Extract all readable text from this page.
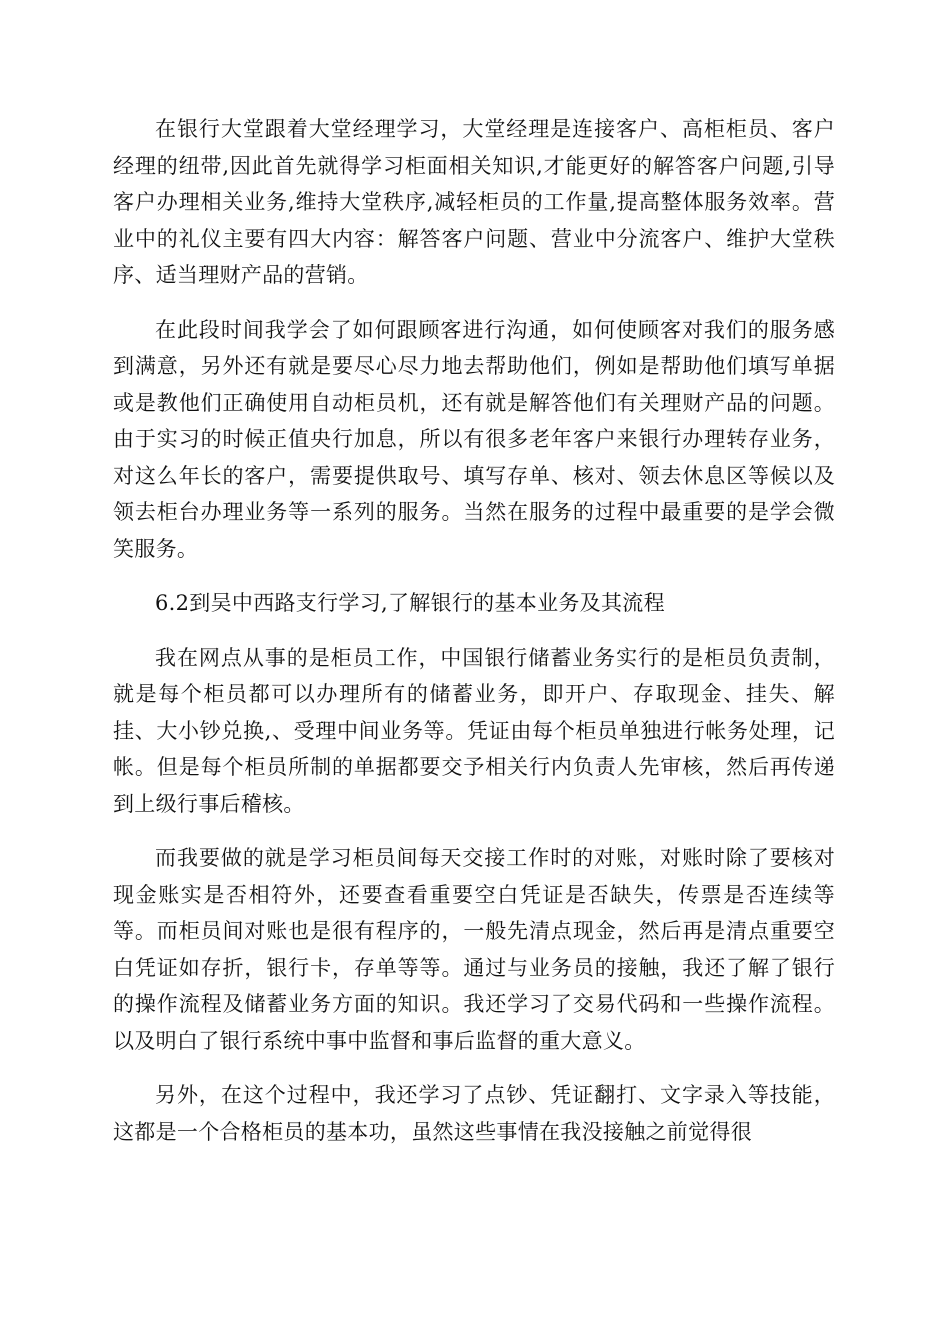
在银行大堂跟着大堂经理学习，大堂经理是连接客户、高柜柜员、客户经理的纽带,因此首先就得学习柜面相关知识,才能更好的解答客户问题,引导客户办理相关业务,维持大堂秩序,减轻柜员的工作量,提高整体服务效率。营业中的礼仪主要有四大内容：解答客户问题、营业中分流客户、维护大堂秩序、适当理财产品的营销。

在此段时间我学会了如何跟顾客进行沟通，如何使顾客对我们的服务感到满意，另外还有就是要尽心尽力地去帮助他们，例如是帮助他们填写单据或是教他们正确使用自动柜员机，还有就是解答他们有关理财产品的问题。由于实习的时候正值央行加息，所以有很多老年客户来银行办理转存业务，对这么年长的客户，需要提供取号、填写存单、核对、领去休息区等候以及领去柜台办理业务等一系列的服务。当然在服务的过程中最重要的是学会微笑服务。

6.2到吴中西路支行学习,了解银行的基本业务及其流程

我在网点从事的是柜员工作，中国银行储蓄业务实行的是柜员负责制，就是每个柜员都可以办理所有的储蓄业务，即开户、存取现金、挂失、解挂、大小钞兑换,、受理中间业务等。凭证由每个柜员单独进行帐务处理，记帐。但是每个柜员所制的单据都要交予相关行内负责人先审核，然后再传递到上级行事后稽核。

而我要做的就是学习柜员间每天交接工作时的对账，对账时除了要核对现金账实是否相符外，还要查看重要空白凭证是否缺失，传票是否连续等等。而柜员间对账也是很有程序的，一般先清点现金，然后再是清点重要空白凭证如存折，银行卡，存单等等。通过与业务员的接触，我还了解了银行的操作流程及储蓄业务方面的知识。我还学习了交易代码和一些操作流程。以及明白了银行系统中事中监督和事后监督的重大意义。

另外，在这个过程中，我还学习了点钞、凭证翻打、文字录入等技能，这都是一个合格柜员的基本功，虽然这些事情在我没接触之前觉得很
